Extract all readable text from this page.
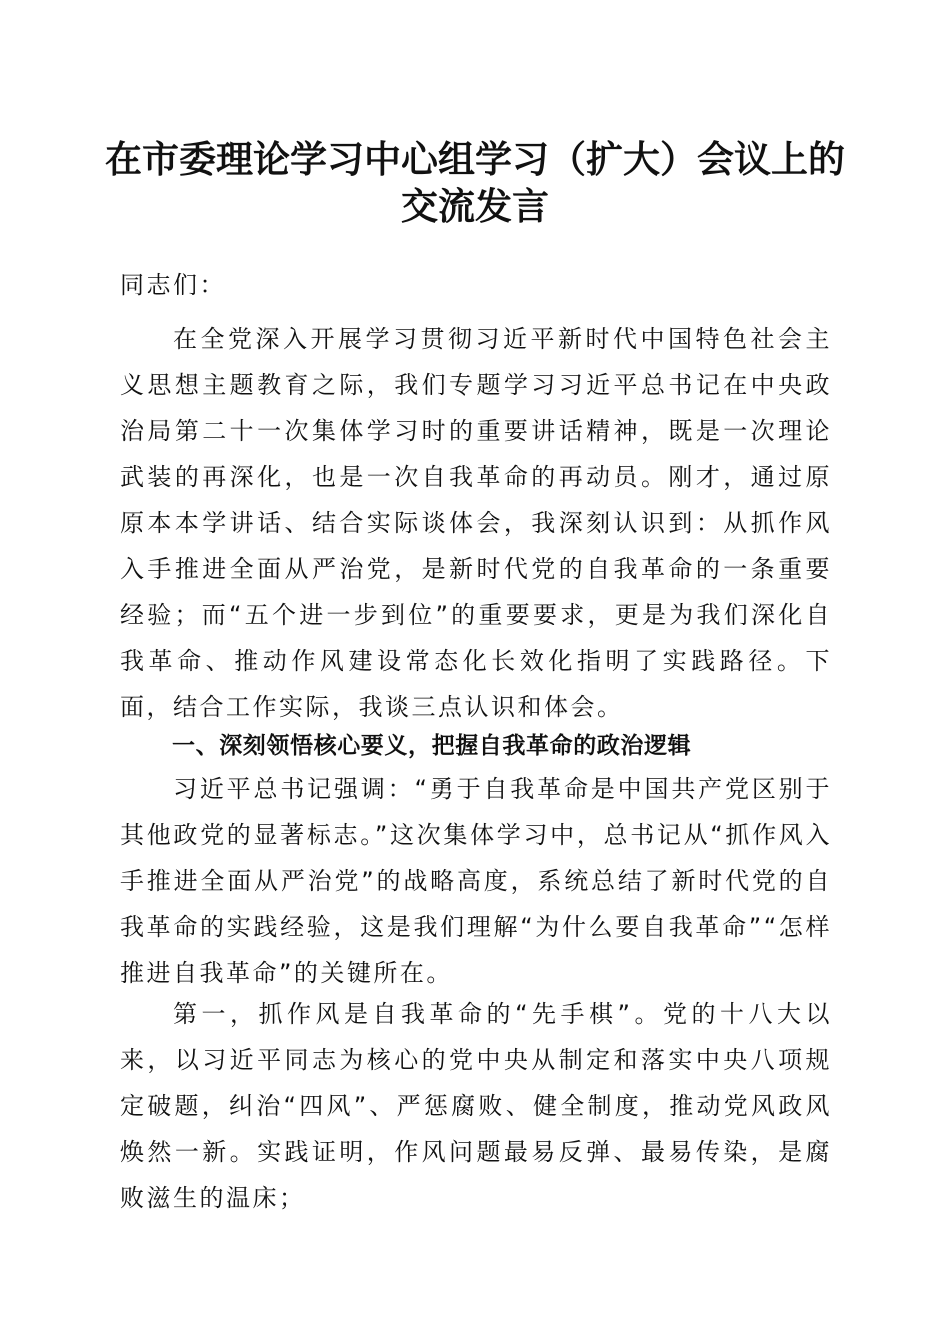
在市委理论学习中心组学习（扩大）会议上的
交流发言

同志们：

在全党深入开展学习贯彻习近平新时代中国特色社会主义思想主题教育之际，我们专题学习习近平总书记在中央政治局第二十一次集体学习时的重要讲话精神，既是一次理论武装的再深化，也是一次自我革命的再动员。刚才，通过原原本本学讲话、结合实际谈体会，我深刻认识到：从抓作风入手推进全面从严治党，是新时代党的自我革命的一条重要经验；而“五个进一步到位”的重要要求，更是为我们深化自我革命、推动作风建设常态化长效化指明了实践路径。下面，结合工作实际，我谈三点认识和体会。

一、深刻领悟核心要义，把握自我革命的政治逻辑

习近平总书记强调：“勇于自我革命是中国共产党区别于其他政党的显著标志。”这次集体学习中，总书记从“抓作风入手推进全面从严治党”的战略高度，系统总结了新时代党的自我革命的实践经验，这是我们理解“为什么要自我革命”“怎样推进自我革命”的关键所在。

第一，抓作风是自我革命的“先手棋”。党的十八大以来，以习近平同志为核心的党中央从制定和落实中央八项规定破题，纠治“四风”、严惩腐败、健全制度，推动党风政风焕然一新。实践证明，作风问题最易反弹、最易传染，是腐败滋生的温床；
